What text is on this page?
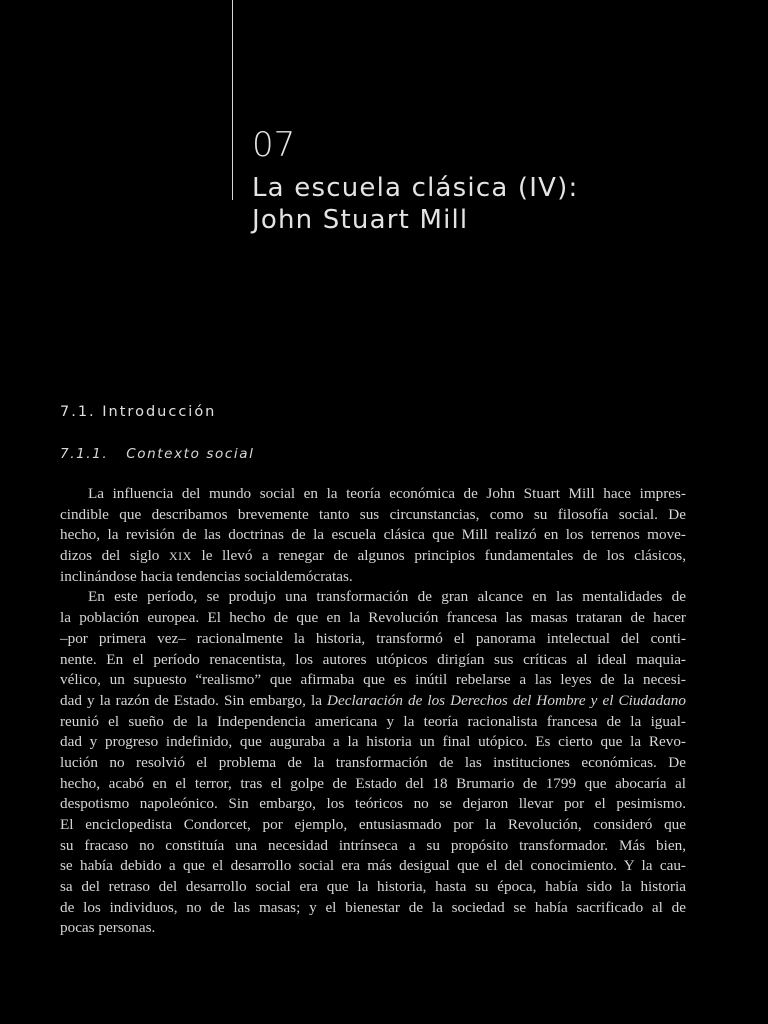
07
La escuela clásica (IV):
John Stuart Mill
7.1. Introducción
7.1.1. Contexto social
La influencia del mundo social en la teoría económica de John Stuart Mill hace impres-
cindible que describamos brevemente tanto sus circunstancias, como su filosofía social. De
hecho, la revisión de las doctrinas de la escuela clásica que Mill realizó en los terrenos move-
dizos del siglo XIX le llevó a renegar de algunos principios fundamentales de los clásicos,
inclinándose hacia tendencias socialdemócratas.
En este período, se produjo una transformación de gran alcance en las mentalidades de
la población europea. El hecho de que en la Revolución francesa las masas trataran de hacer
–por primera vez– racionalmente la historia, transformó el panorama intelectual del conti-
nente. En el período renacentista, los autores utópicos dirigían sus críticas al ideal maquia-
vélico, un supuesto “realismo” que afirmaba que es inútil rebelarse a las leyes de la necesi-
dad y la razón de Estado. Sin embargo, la Declaración de los Derechos del Hombre y el Ciudadano
reunió el sueño de la Independencia americana y la teoría racionalista francesa de la igual-
dad y progreso indefinido, que auguraba a la historia un final utópico. Es cierto que la Revo-
lución no resolvió el problema de la transformación de las instituciones económicas. De
hecho, acabó en el terror, tras el golpe de Estado del 18 Brumario de 1799 que abocaría al
despotismo napoleónico. Sin embargo, los teóricos no se dejaron llevar por el pesimismo.
El enciclopedista Condorcet, por ejemplo, entusiasmado por la Revolución, consideró que
su fracaso no constituía una necesidad intrínseca a su propósito transformador. Más bien,
se había debido a que el desarrollo social era más desigual que el del conocimiento. Y la cau-
sa del retraso del desarrollo social era que la historia, hasta su época, había sido la historia
de los individuos, no de las masas; y el bienestar de la sociedad se había sacrificado al de
pocas personas.
